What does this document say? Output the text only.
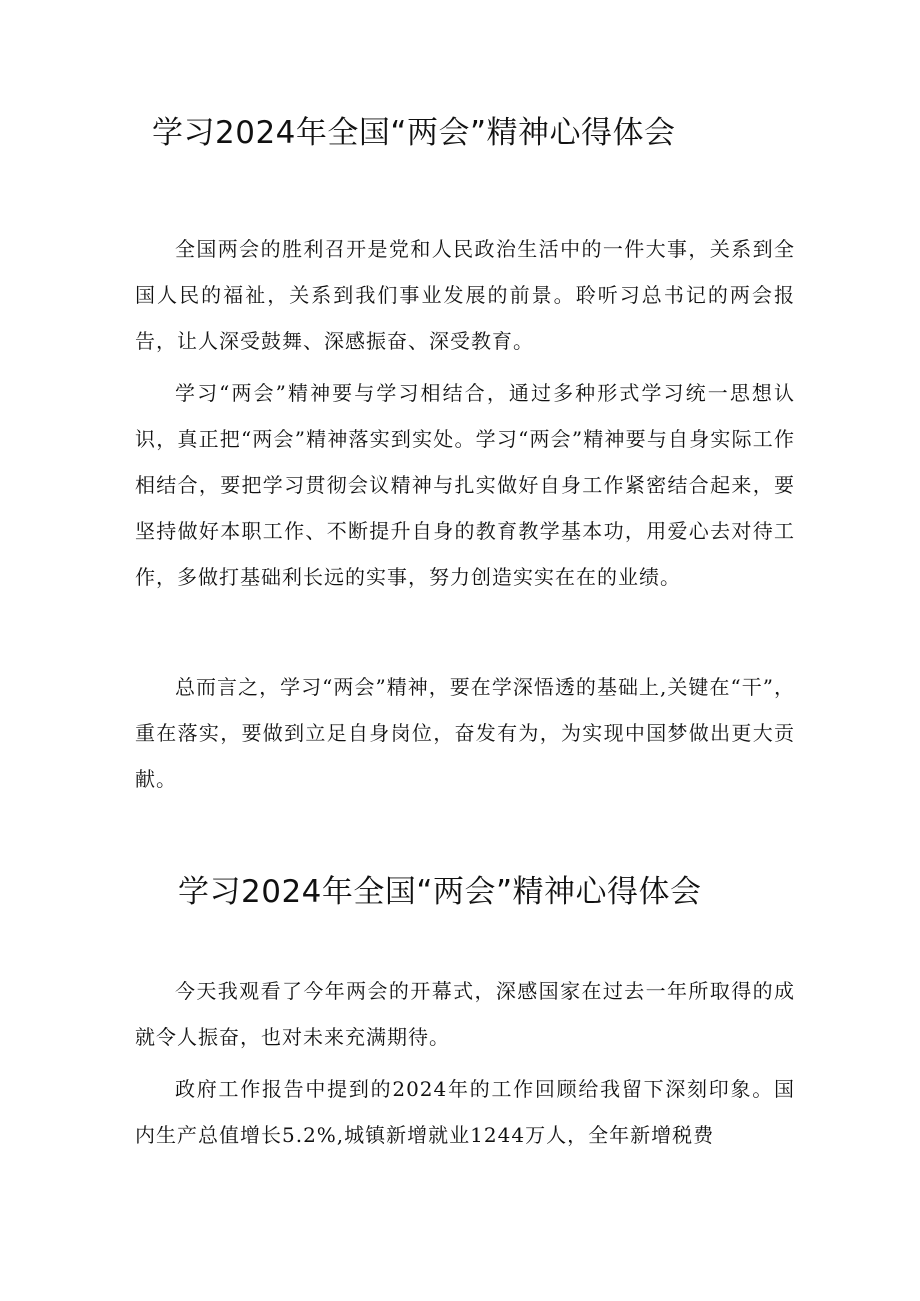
学习2024年全国“两会”精神心得体会

全国两会的胜利召开是党和人民政治生活中的一件大事，关系到全国人民的福祉，关系到我们事业发展的前景。聆听习总书记的两会报告，让人深受鼓舞、深感振奋、深受教育。

学习“两会”精神要与学习相结合，通过多种形式学习统一思想认识，真正把“两会”精神落实到实处。学习“两会”精神要与自身实际工作相结合，要把学习贯彻会议精神与扎实做好自身工作紧密结合起来，要坚持做好本职工作、不断提升自身的教育教学基本功，用爱心去对待工作，多做打基础利长远的实事，努力创造实实在在的业绩。

总而言之，学习“两会”精神，要在学深悟透的基础上,关键在“干”，重在落实，要做到立足自身岗位，奋发有为，为实现中国梦做出更大贡献。

学习2024年全国“两会”精神心得体会

今天我观看了今年两会的开幕式，深感国家在过去一年所取得的成就令人振奋，也对未来充满期待。

政府工作报告中提到的2024年的工作回顾给我留下深刻印象。国内生产总值增长5.2%,城镇新增就业1244万人，全年新增税费
